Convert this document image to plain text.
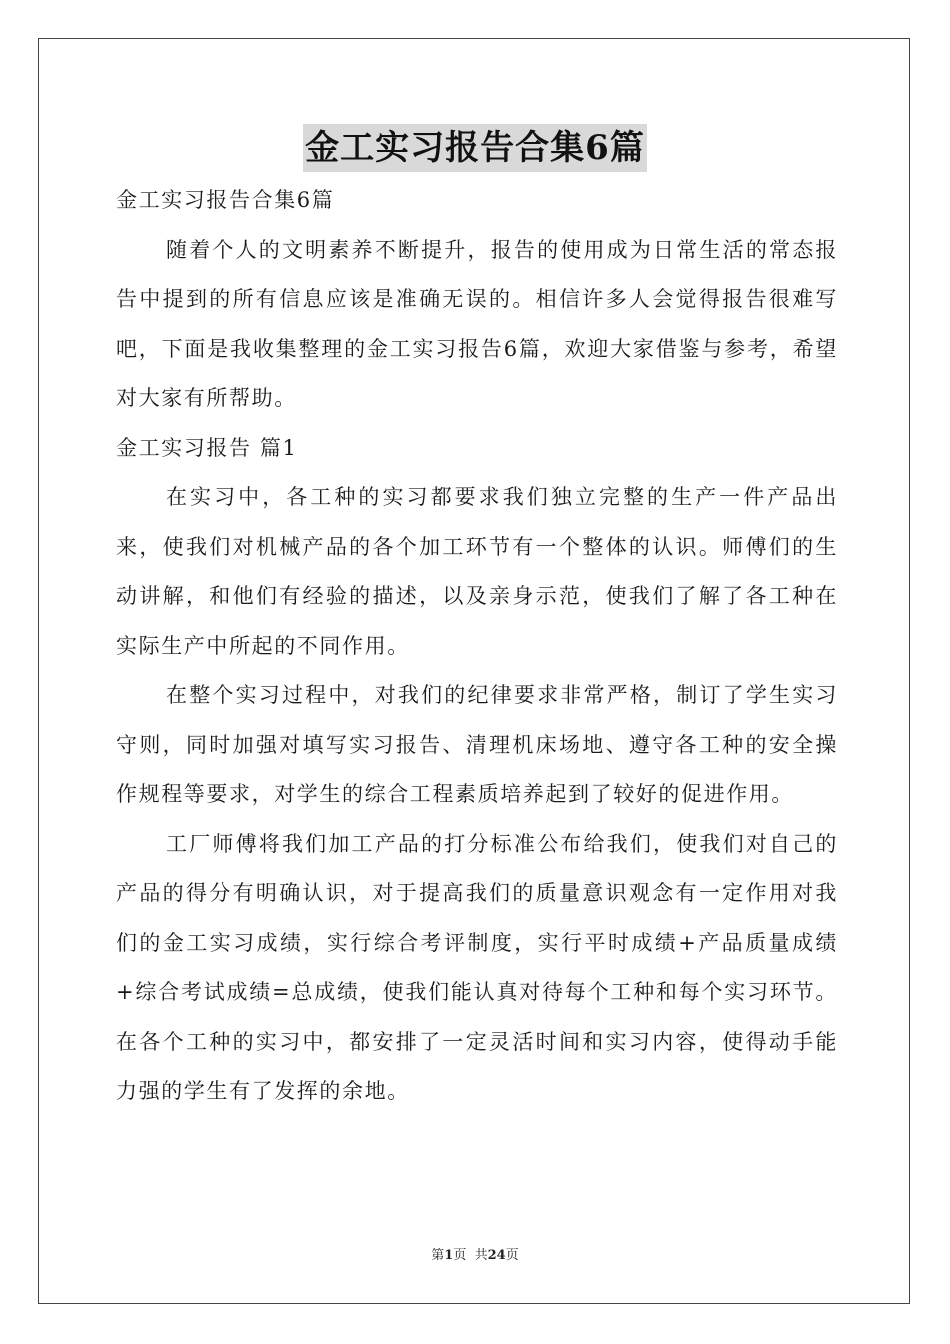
金工实习报告合集6篇

金工实习报告合集6篇

随着个人的文明素养不断提升，报告的使用成为日常生活的常态报告中提到的所有信息应该是准确无误的。相信许多人会觉得报告很难写吧，下面是我收集整理的金工实习报告6篇，欢迎大家借鉴与参考，希望对大家有所帮助。

金工实习报告 篇1

在实习中，各工种的实习都要求我们独立完整的生产一件产品出来，使我们对机械产品的各个加工环节有一个整体的认识。师傅们的生动讲解，和他们有经验的描述，以及亲身示范，使我们了解了各工种在实际生产中所起的不同作用。

在整个实习过程中，对我们的纪律要求非常严格，制订了学生实习守则，同时加强对填写实习报告、清理机床场地、遵守各工种的安全操作规程等要求，对学生的综合工程素质培养起到了较好的促进作用。

工厂师傅将我们加工产品的打分标准公布给我们，使我们对自己的产品的得分有明确认识，对于提高我们的质量意识观念有一定作用对我们的金工实习成绩，实行综合考评制度，实行平时成绩+产品质量成绩+综合考试成绩=总成绩，使我们能认真对待每个工种和每个实习环节。在各个工种的实习中，都安排了一定灵活时间和实习内容，使得动手能力强的学生有了发挥的余地。

第1页  共24页
